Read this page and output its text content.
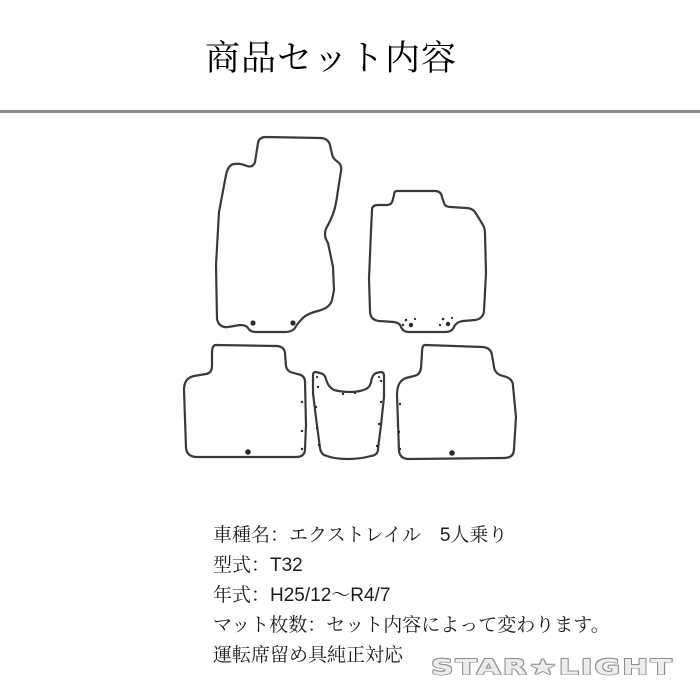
商品セット内容
車種名：エクストレイル　5人乗り
型式：T32
年式：H25/12～R4/7
マット枚数：セット内容によって変わります。
運転席留め具純正対応 STAR★LIGHT
